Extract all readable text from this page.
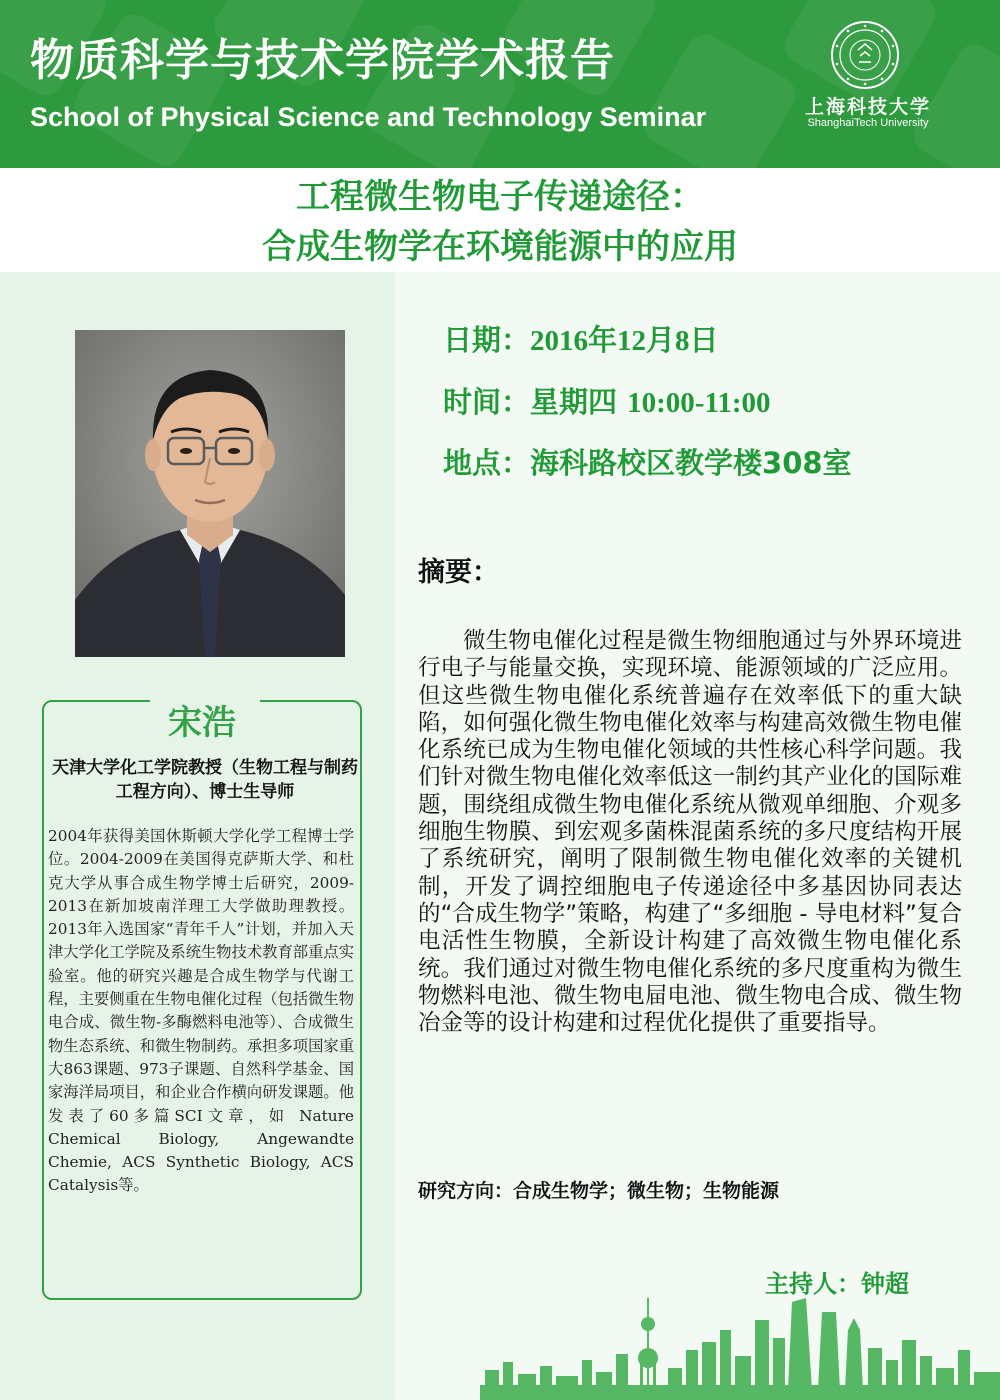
物质科学与技术学院学术报告
School of Physical Science and Technology Seminar	上海科技大学
ShanghaiTech University
工程微生物电子传递途径：
合成生物学在环境能源中的应用
宋浩
天津大学化工学院教授（生物工程与制药工程方向）、博士生导师
2004年获得美国休斯顿大学化学工程博士学位。2004-2009在美国得克萨斯大学、和杜克大学从事合成生物学博士后研究，2009-2013在新加坡南洋理工大学做助理教授。2013年入选国家“青年千人”计划，并加入天津大学化工学院及系统生物技术教育部重点实验室。他的研究兴趣是合成生物学与代谢工程，主要侧重在生物电催化过程（包括微生物电合成、微生物-多酶燃料电池等）、合成微生物生态系统、和微生物制药。承担多项国家重大863课题、973子课题、自然科学基金、国家海洋局项目，和企业合作横向研发课题。他发表了60多篇SCI文章，如 Nature Chemical Biology, Angewandte Chemie, ACS Synthetic Biology, ACS Catalysis等。
日期：2016年12月8日
时间：星期四 10:00-11:00
地点：海科路校区教学楼308室
摘要：
微生物电催化过程是微生物细胞通过与外界环境进行电子与能量交换，实现环境、能源领域的广泛应用。但这些微生物电催化系统普遍存在效率低下的重大缺陷，如何强化微生物电催化效率与构建高效微生物电催化系统已成为生物电催化领域的共性核心科学问题。我们针对微生物电催化效率低这一制约其产业化的国际难题，围绕组成微生物电催化系统从微观单细胞、介观多细胞生物膜、到宏观多菌株混菌系统的多尺度结构开展了系统研究，阐明了限制微生物电催化效率的关键机制，开发了调控细胞电子传递途径中多基因协同表达的“合成生物学”策略，构建了“多细胞 - 导电材料”复合电活性生物膜，全新设计构建了高效微生物电催化系统。我们通过对微生物电催化系统的多尺度重构为微生物燃料电池、微生物电屇电池、微生物电合成、微生物冶金等的设计构建和过程优化提供了重要指导。
研究方向：合成生物学；微生物；生物能源
主持人：钟超
